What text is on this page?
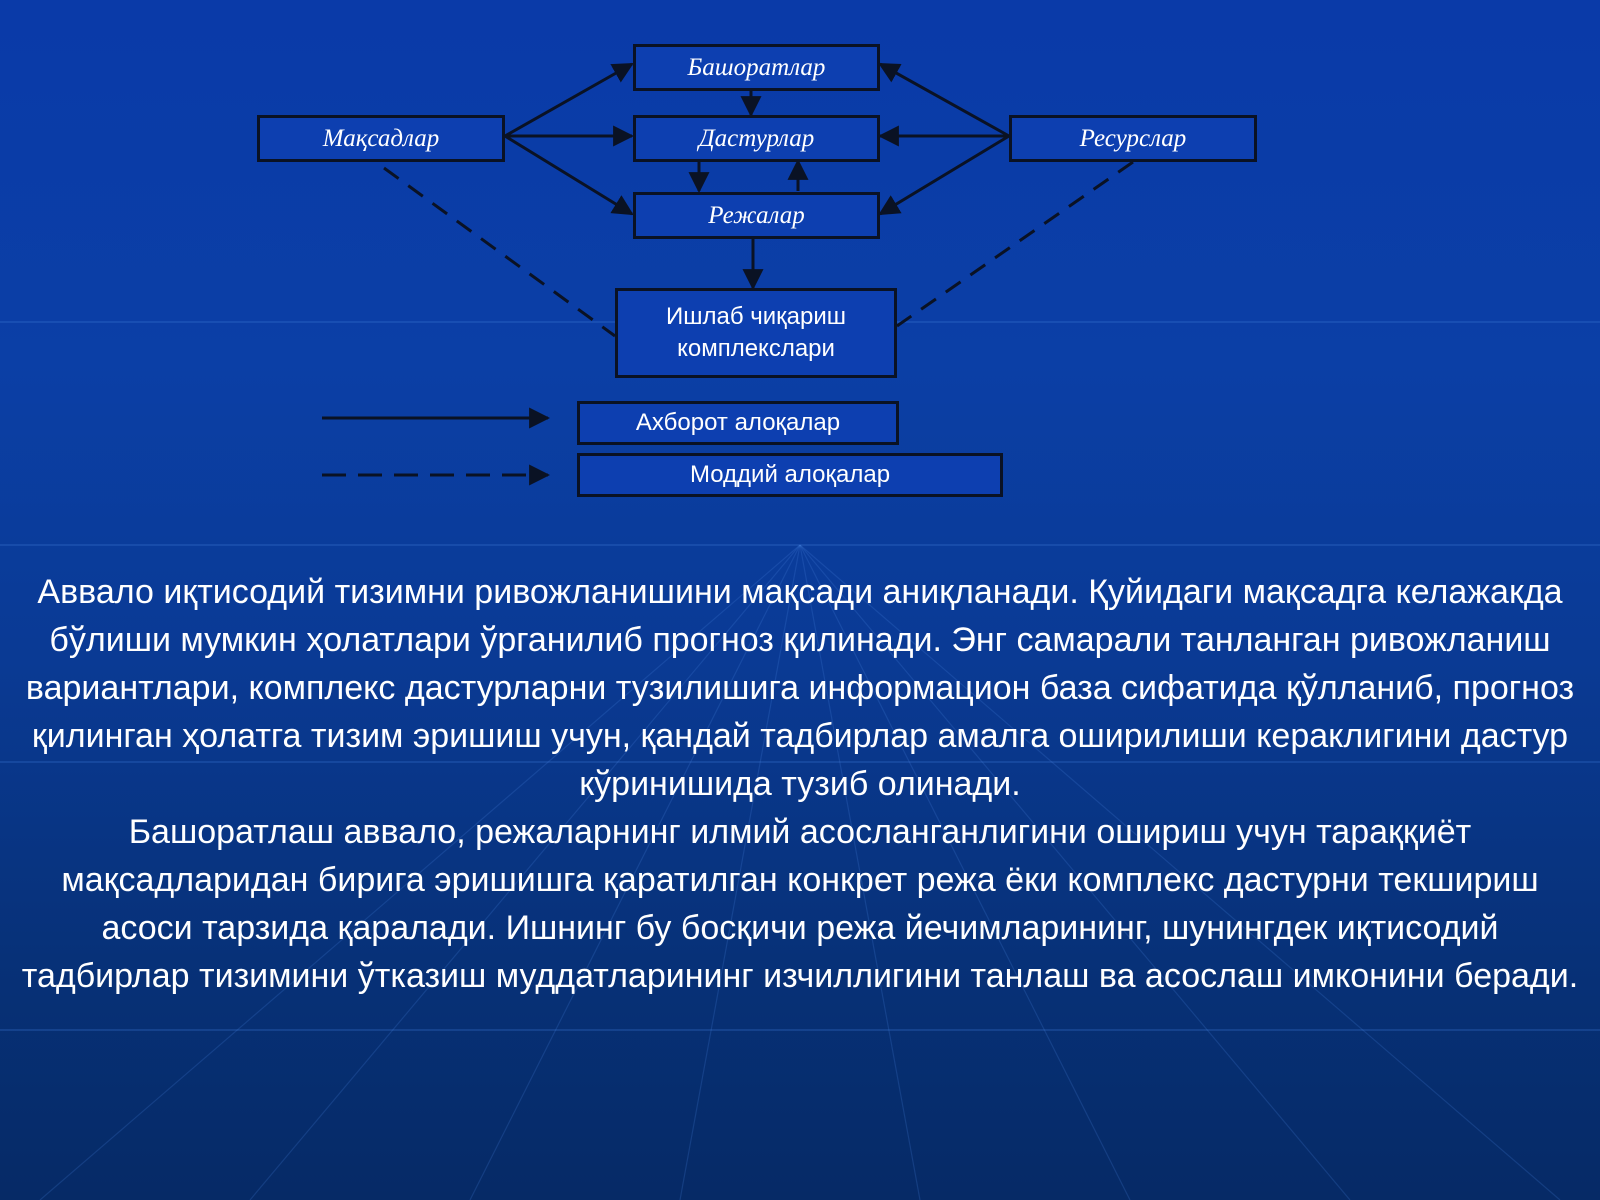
Башоратлар
Мақсадлар	Дастурлар	Ресурслар
Режалар
Ишлаб чиқариш
комплекслари
Ахборот алоқалар
Моддий алоқалар

Аввало иқтисодий тизимни ривожланишини мақсади аниқланади. Қуйидаги мақсадга келажакда бўлиши мумкин ҳолатлари ўрганилиб прогноз қилинади. Энг самарали танланган ривожланиш вариантлари, комплекс дастурларни тузилишига информацион база сифатида қўлланиб, прогноз қилинган ҳолатга тизим эришиш учун, қандай тадбирлар амалга оширилиши кераклигини дастур кўринишида тузиб олинади.

Башоратлаш аввало, режаларнинг илмий асосланганлигини ошириш учун тараққиёт мақсадларидан бирига эришишга қаратилган конкрет режа ёки комплекс дастурни текшириш асоси тарзида қаралади. Ишнинг бу босқичи режа йечимларининг, шунингдек иқтисодий тадбирлар тизимини ўтказиш муддатларининг изчиллигини танлаш ва асослаш имконини беради.
